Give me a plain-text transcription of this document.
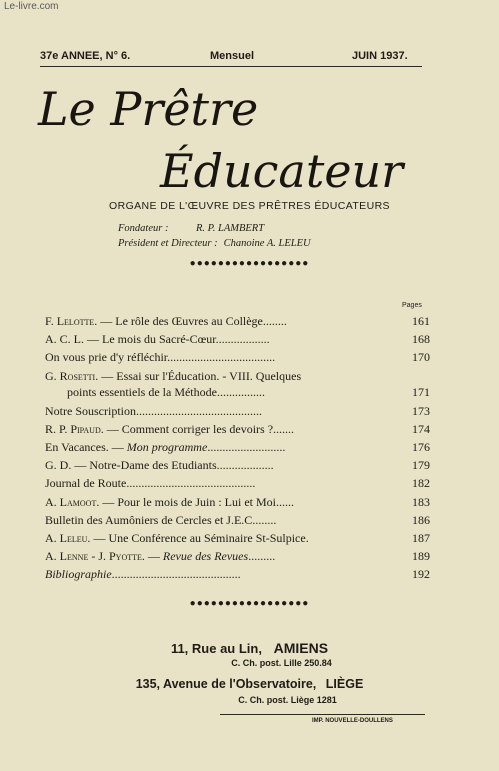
Le-livre.com
37e ANNEE, N° 6.	Mensuel	JUIN 1937.
Le Prêtre
Éducateur
ORGANE DE L'ŒUVRE DES PRÊTRES ÉDUCATEURS
Fondateur :	R. P. LAMBERT
Président et Directeur : Chanoine A. LELEU
●●●●●●●●●●●●●●●●●
Pages
F. Lelotte. — Le rôle des Œuvres au Collège........	161
A. C. L. — Le mois du Sacré-Cœur..................	168
On vous prie d'y réfléchir....................................	170
G. Rosetti. — Essai sur l'Éducation. - VIII. Quelques
points essentiels de la Méthode................	171
Notre Souscription..........................................	173
R. P. Pipaud. — Comment corriger les devoirs ?.......	174
En Vacances. — Mon programme..........................	176
G. D. — Notre-Dame des Etudiants...................	179
Journal de Route...........................................	182
A. Lamoot. — Pour le mois de Juin : Lui et Moi......	183
Bulletin des Aumôniers de Cercles et J.E.C........	186
A. Leleu. — Une Conférence au Séminaire St-Sulpice.	187
A. Lenne - J. Pyotte. — Revue des Revues.........	189
Bibliographie...........................................	192
●●●●●●●●●●●●●●●●●
11, Rue au Lin, AMIENS
C. Ch. post. Lille 250.84
135, Avenue de l'Observatoire, LIÈGE
C. Ch. post. Liège 1281
IMP. NOUVELLE-DOULLENS
